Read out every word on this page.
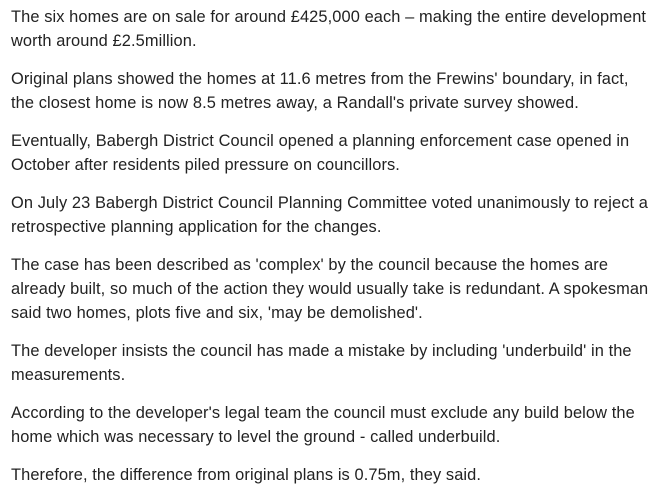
The six homes are on sale for around £425,000 each – making the entire development worth around £2.5million.

Original plans showed the homes at 11.6 metres from the Frewins' boundary, in fact, the closest home is now 8.5 metres away, a Randall's private survey showed.

Eventually, Babergh District Council opened a planning enforcement case opened in October after residents piled pressure on councillors.

On July 23 Babergh District Council Planning Committee voted unanimously to reject a retrospective planning application for the changes.

The case has been described as 'complex' by the council because the homes are already built, so much of the action they would usually take is redundant. A spokesman said two homes, plots five and six, 'may be demolished'.

The developer insists the council has made a mistake by including 'underbuild' in the measurements.

According to the developer's legal team the council must exclude any build below the home which was necessary to level the ground - called underbuild.

Therefore, the difference from original plans is 0.75m, they said.
